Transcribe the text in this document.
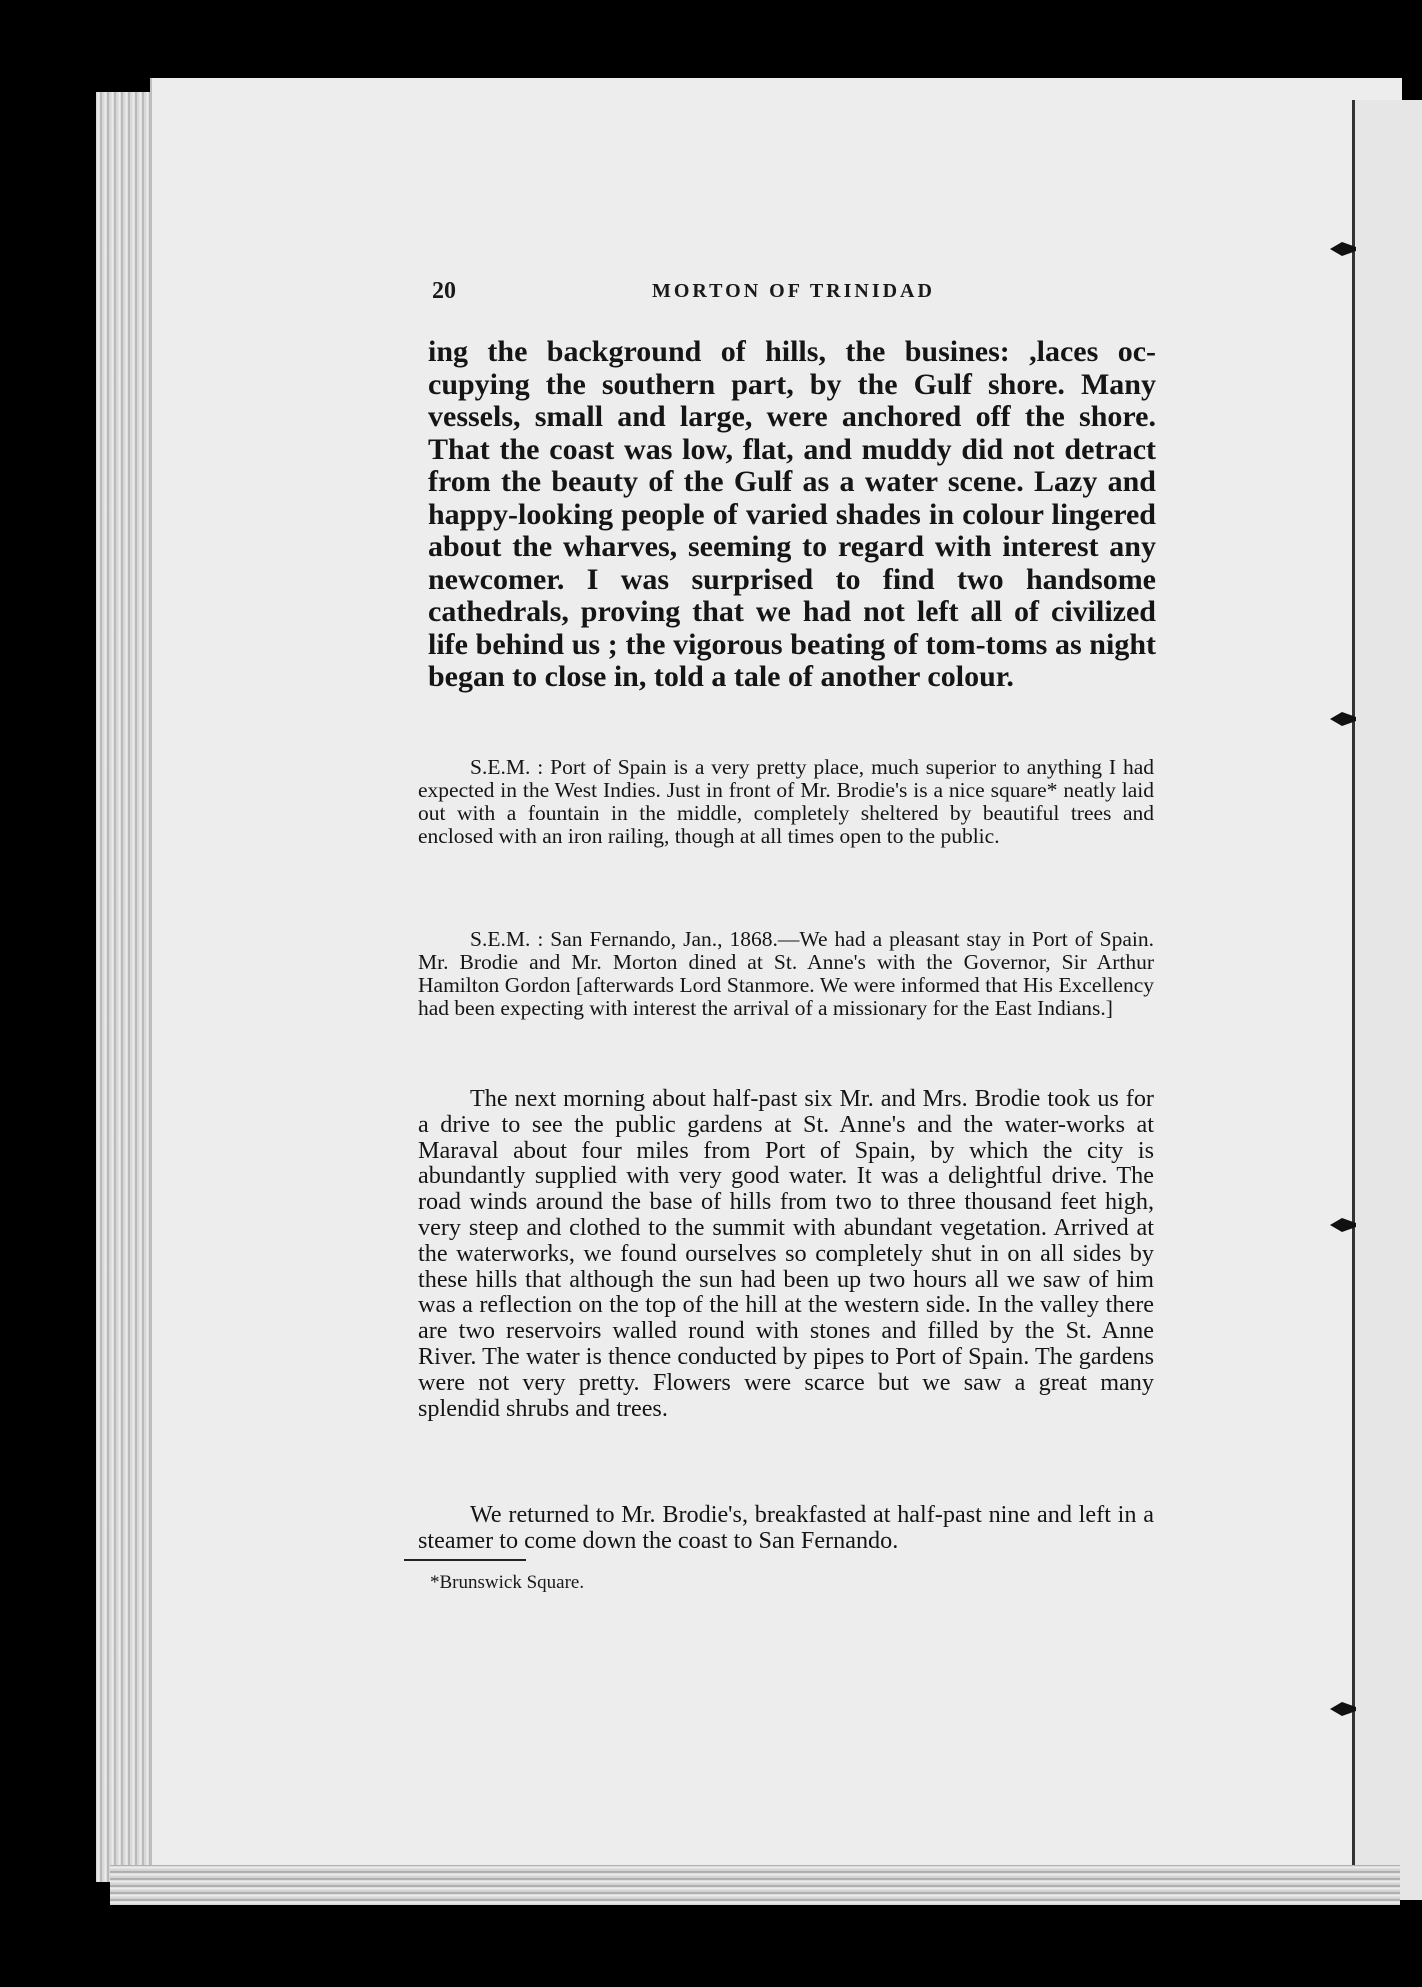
20	MORTON OF TRINIDAD

ing the background of hills, the busines: ,laces oc- cupying the southern part, by the Gulf shore. Many vessels, small and large, were anchored off the shore. That the coast was low, flat, and muddy did not detract from the beauty of the Gulf as a water scene. Lazy and happy-looking people of varied shades in colour lingered about the wharves, seeming to regard with interest any newcomer. I was surprised to find two handsome cathedrals, proving that we had not left all of civilized life behind us ; the vigorous beating of tom-toms as night began to close in, told a tale of another colour.

S.E.M. : Port of Spain is a very pretty place, much superior to anything I had expected in the West Indies. Just in front of Mr. Brodie's is a nice square* neatly laid out with a fountain in the middle, completely sheltered by beautiful trees and enclosed with an iron railing, though at all times open to the public.

S.E.M. : San Fernando, Jan., 1868.—We had a pleasant stay in Port of Spain. Mr. Brodie and Mr. Morton dined at St. Anne's with the Governor, Sir Arthur Hamilton Gordon [afterwards Lord Stanmore. We were informed that His Excellency had been expecting with interest the arrival of a missionary for the East Indians.]

The next morning about half-past six Mr. and Mrs. Brodie took us for a drive to see the public gardens at St. Anne's and the water-works at Maraval about four miles from Port of Spain, by which the city is abundantly supplied with very good water. It was a delightful drive. The road winds around the base of hills from two to three thousand feet high, very steep and clothed to the summit with abundant vegetation. Arrived at the waterworks, we found ourselves so completely shut in on all sides by these hills that although the sun had been up two hours all we saw of him was a reflection on the top of the hill at the western side. In the valley there are two reservoirs walled round with stones and filled by the St. Anne River. The water is thence conducted by pipes to Port of Spain. The gardens were not very pretty. Flowers were scarce but we saw a great many splendid shrubs and trees.

We returned to Mr. Brodie's, breakfasted at half-past nine and left in a steamer to come down the coast to San Fernando.

*Brunswick Square.
